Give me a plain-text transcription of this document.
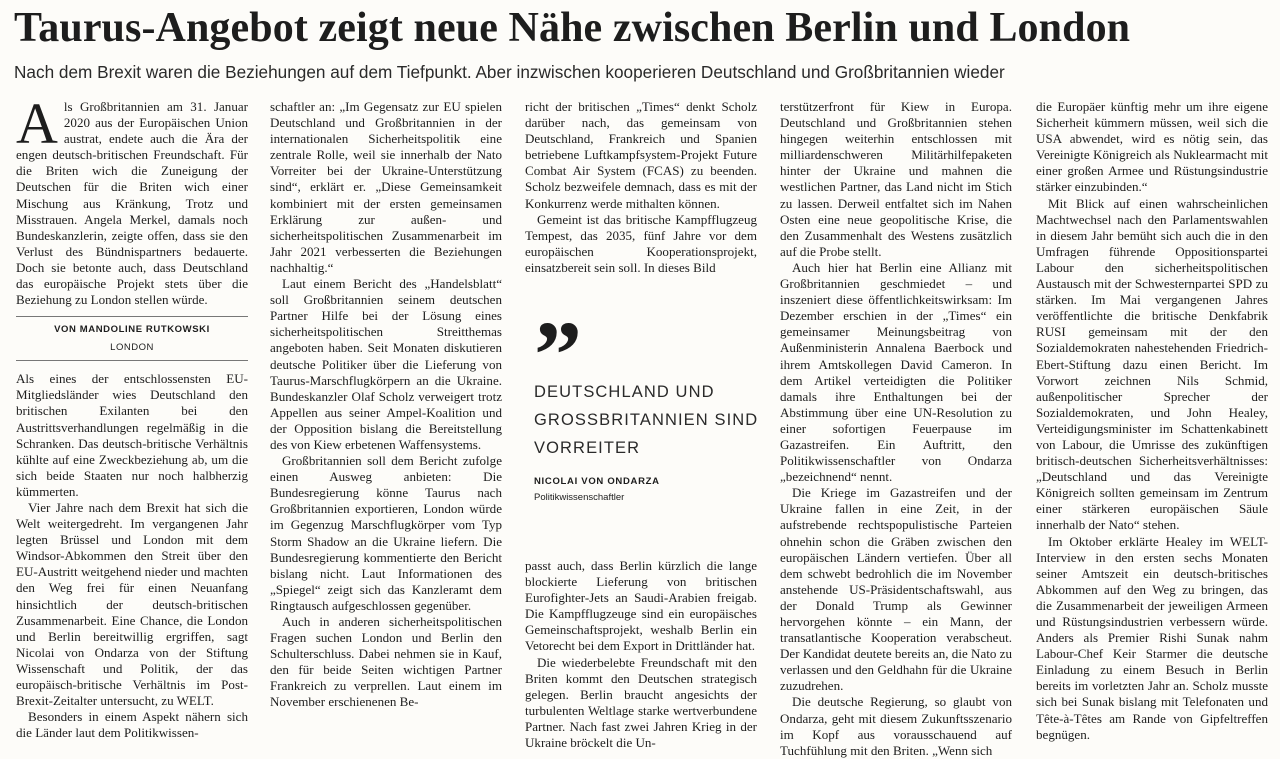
Taurus-Angebot zeigt neue Nähe zwischen Berlin und London
Nach dem Brexit waren die Beziehungen auf dem Tiefpunkt. Aber inzwischen kooperieren Deutschland und Großbritannien wieder

Als Großbritannien am 31. Januar 2020 aus der Europäischen Union austrat, endete auch die Ära der engen deutsch-britischen Freundschaft. Für die Briten wich die Zuneigung der Deutschen für die Briten wich einer Mischung aus Kränkung, Trotz und Misstrauen. Angela Merkel, damals noch Bundeskanzlerin, zeigte offen, dass sie den Verlust des Bündnispartners bedauerte. Doch sie betonte auch, dass Deutschland das europäische Projekt stets über die Beziehung zu London stellen würde.

VON MANDOLINE RUTKOWSKI
LONDON

Als eines der entschlossensten EU-Mitgliedsländer wies Deutschland den britischen Exilanten bei den Austrittsverhandlungen regelmäßig in die Schranken. Das deutsch-britische Verhältnis kühlte auf eine Zweckbeziehung ab, um die sich beide Staaten nur noch halbherzig kümmerten.

Vier Jahre nach dem Brexit hat sich die Welt weitergedreht. Im vergangenen Jahr legten Brüssel und London mit dem Windsor-Abkommen den Streit über den EU-Austritt weitgehend nieder und machten den Weg frei für einen Neuanfang hinsichtlich der deutsch-britischen Zusammenarbeit. Eine Chance, die London und Berlin bereitwillig ergriffen, sagt Nicolai von Ondarza von der Stiftung Wissenschaft und Politik, der das europäisch-britische Verhältnis im Post-Brexit-Zeitalter untersucht, zu WELT.

Besonders in einem Aspekt nähern sich die Länder laut dem Politikwissen-

schaftler an: „Im Gegensatz zur EU spielen Deutschland und Großbritannien in der internationalen Sicherheitspolitik eine zentrale Rolle, weil sie innerhalb der Nato Vorreiter bei der Ukraine-Unterstützung sind“, erklärt er. „Diese Gemeinsamkeit kombiniert mit der ersten gemeinsamen Erklärung zur außen- und sicherheitspolitischen Zusammenarbeit im Jahr 2021 verbesserten die Beziehungen nachhaltig.“

Laut einem Bericht des „Handelsblatt“ soll Großbritannien seinem deutschen Partner Hilfe bei der Lösung eines sicherheitspolitischen Streitthemas angeboten haben. Seit Monaten diskutieren deutsche Politiker über die Lieferung von Taurus-Marschflugkörpern an die Ukraine. Bundeskanzler Olaf Scholz verweigert trotz Appellen aus seiner Ampel-Koalition und der Opposition bislang die Bereitstellung des von Kiew erbetenen Waffensystems.

Großbritannien soll dem Bericht zufolge einen Ausweg anbieten: Die Bundesregierung könne Taurus nach Großbritannien exportieren, London würde im Gegenzug Marschflugkörper vom Typ Storm Shadow an die Ukraine liefern. Die Bundesregierung kommentierte den Bericht bislang nicht. Laut Informationen des „Spiegel“ zeigt sich das Kanzleramt dem Ringtausch aufgeschlossen gegenüber.

Auch in anderen sicherheitspolitischen Fragen suchen London und Berlin den Schulterschluss. Dabei nehmen sie in Kauf, den für beide Seiten wichtigen Partner Frankreich zu verprellen. Laut einem im November erschienenen Be-

richt der britischen „Times“ denkt Scholz darüber nach, das gemeinsam von Deutschland, Frankreich und Spanien betriebene Luftkampfsystem-Projekt Future Combat Air System (FCAS) zu beenden. Scholz bezweifele demnach, dass es mit der Konkurrenz werde mithalten können.

Gemeint ist das britische Kampfflugzeug Tempest, das 2035, fünf Jahre vor dem europäischen Kooperationsprojekt, einsatzbereit sein soll. In dieses Bild

”
DEUTSCHLAND UND GROSSBRITANNIEN SIND VORREITER
NICOLAI VON ONDARZA
Politikwissenschaftler

passt auch, dass Berlin kürzlich die lange blockierte Lieferung von britischen Eurofighter-Jets an Saudi-Arabien freigab. Die Kampfflugzeuge sind ein europäisches Gemeinschaftsprojekt, weshalb Berlin ein Vetorecht bei dem Export in Drittländer hat.

Die wiederbelebte Freundschaft mit den Briten kommt den Deutschen strategisch gelegen. Berlin braucht angesichts der turbulenten Weltlage starke wertverbundene Partner. Nach fast zwei Jahren Krieg in der Ukraine bröckelt die Un-

terstützerfront für Kiew in Europa. Deutschland und Großbritannien stehen hingegen weiterhin entschlossen mit milliardenschweren Militärhilfepaketen hinter der Ukraine und mahnen die westlichen Partner, das Land nicht im Stich zu lassen. Derweil entfaltet sich im Nahen Osten eine neue geopolitische Krise, die den Zusammenhalt des Westens zusätzlich auf die Probe stellt.

Auch hier hat Berlin eine Allianz mit Großbritannien geschmiedet – und inszeniert diese öffentlichkeitswirksam: Im Dezember erschien in der „Times“ ein gemeinsamer Meinungsbeitrag von Außenministerin Annalena Baerbock und ihrem Amtskollegen David Cameron. In dem Artikel verteidigten die Politiker damals ihre Enthaltungen bei der Abstimmung über eine UN-Resolution zu einer sofortigen Feuerpause im Gazastreifen. Ein Auftritt, den Politikwissenschaftler von Ondarza „bezeichnend“ nennt.

Die Kriege im Gazastreifen und der Ukraine fallen in eine Zeit, in der aufstrebende rechtspopulistische Parteien ohnehin schon die Gräben zwischen den europäischen Ländern vertiefen. Über all dem schwebt bedrohlich die im November anstehende US-Präsidentschaftswahl, aus der Donald Trump als Gewinner hervorgehen könnte – ein Mann, der transatlantische Kooperation verabscheut. Der Kandidat deutete bereits an, die Nato zu verlassen und den Geldhahn für die Ukraine zuzudrehen.

Die deutsche Regierung, so glaubt von Ondarza, geht mit diesem Zukunftsszenario im Kopf aus vorausschauend auf Tuchfühlung mit den Briten. „Wenn sich

die Europäer künftig mehr um ihre eigene Sicherheit kümmern müssen, weil sich die USA abwendet, wird es nötig sein, das Vereinigte Königreich als Nuklearmacht mit einer großen Armee und Rüstungsindustrie stärker einzubinden.“

Mit Blick auf einen wahrscheinlichen Machtwechsel nach den Parlamentswahlen in diesem Jahr bemüht sich auch die in den Umfragen führende Oppositionspartei Labour den sicherheitspolitischen Austausch mit der Schwesternpartei SPD zu stärken. Im Mai vergangenen Jahres veröffentlichte die britische Denkfabrik RUSI gemeinsam mit der den Sozialdemokraten nahestehenden Friedrich-Ebert-Stiftung dazu einen Bericht. Im Vorwort zeichnen Nils Schmid, außenpolitischer Sprecher der Sozialdemokraten, und John Healey, Verteidigungsminister im Schattenkabinett von Labour, die Umrisse des zukünftigen britisch-deutschen Sicherheitsverhältnisses: „Deutschland und das Vereinigte Königreich sollten gemeinsam im Zentrum einer stärkeren europäischen Säule innerhalb der Nato“ stehen.

Im Oktober erklärte Healey im WELT-Interview in den ersten sechs Monaten seiner Amtszeit ein deutsch-britisches Abkommen auf den Weg zu bringen, das die Zusammenarbeit der jeweiligen Armeen und Rüstungsindustrien verbessern würde. Anders als Premier Rishi Sunak nahm Labour-Chef Keir Starmer die deutsche Einladung zu einem Besuch in Berlin bereits im vorletzten Jahr an. Scholz musste sich bei Sunak bislang mit Telefonaten und Tête-à-Têtes am Rande von Gipfeltreffen begnügen.
